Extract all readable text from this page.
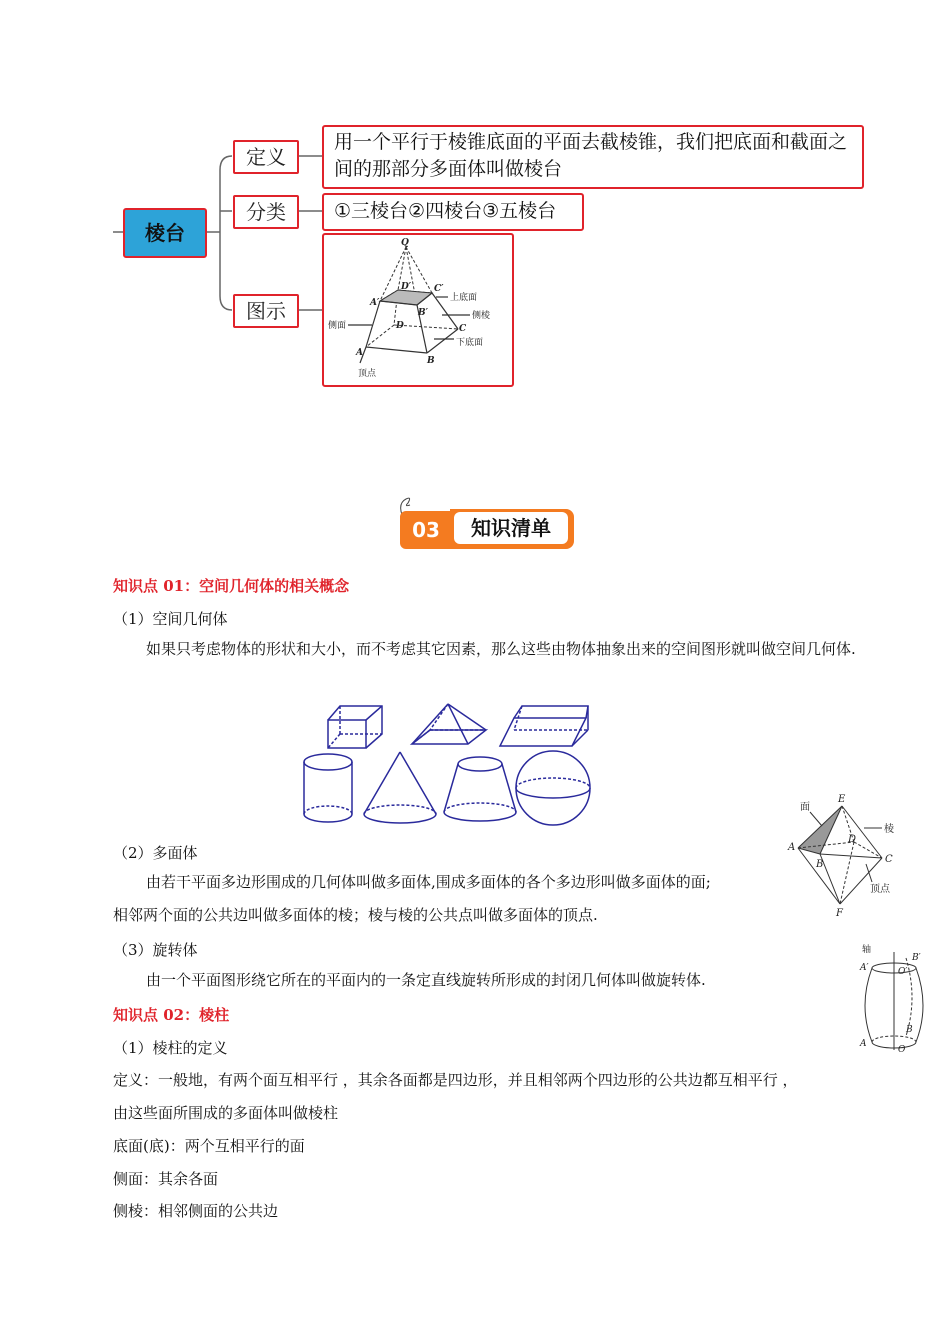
棱台
定义
分类
图示
用一个平行于棱锥底面的平面去截棱锥，我们把底面和截面之间的那部分多面体叫做棱台
①三棱台②四棱台③五棱台
Q
A′
B′
C′
D′
A
B
C
D
上底面
侧棱
侧面
下底面
顶点
03	知识清单
知识点 01：空间几何体的相关概念
（1）空间几何体
如果只考虑物体的形状和大小，而不考虑其它因素，那么这些由物体抽象出来的空间图形就叫做空间几何体.
面
棱
顶点
E
A
D
B	C
F
（2）多面体
由若干平面多边形围成的几何体叫做多面体,围成多面体的各个多边形叫做多面体的面;
相邻两个面的公共边叫做多面体的棱；棱与棱的公共点叫做多面体的顶点.
（3）旋转体
由一个平面图形绕它所在的平面内的一条定直线旋转所形成的封闭几何体叫做旋转体.
轴
B′
A′	O′
B
A
O
知识点 02：棱柱
（1）棱柱的定义
定义：一般地，有两个面互相平行 ，其余各面都是四边形，并且相邻两个四边形的公共边都互相平行 ，
由这些面所围成的多面体叫做棱柱
底面(底)：两个互相平行的面
侧面：其余各面
侧棱：相邻侧面的公共边
